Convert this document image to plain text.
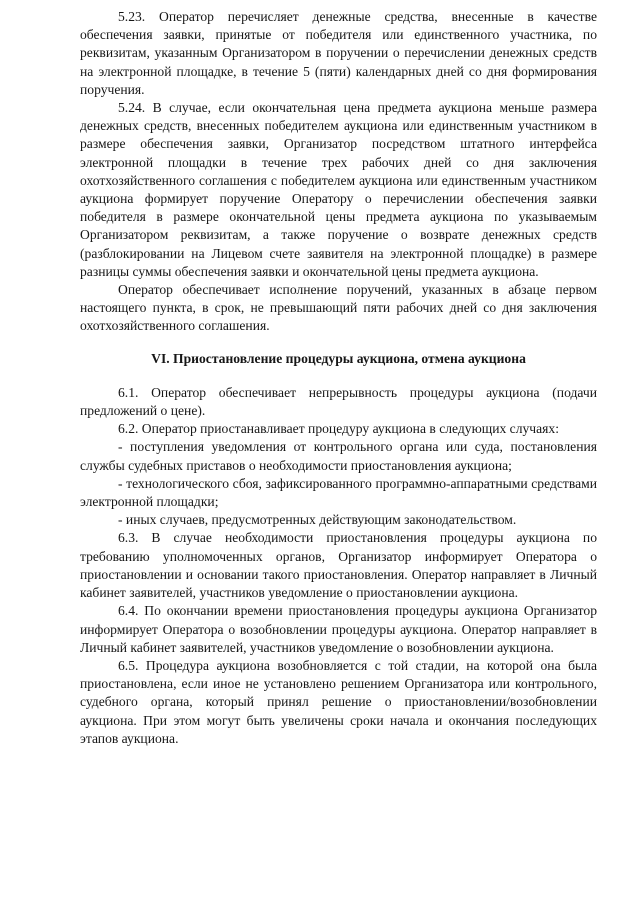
5.23. Оператор перечисляет денежные средства, внесенные в качестве обеспечения заявки, принятые от победителя или единственного участника, по реквизитам, указанным Организатором в поручении о перечислении денежных средств на электронной площадке, в течение 5 (пяти) календарных дней со дня формирования поручения.

5.24. В случае, если окончательная цена предмета аукциона меньше размера денежных средств, внесенных победителем аукциона или единственным участником в размере обеспечения заявки, Организатор посредством штатного интерфейса электронной площадки в течение трех рабочих дней со дня заключения охотхозяйственного соглашения с победителем аукциона или единственным участником аукциона формирует поручение Оператору о перечислении обеспечения заявки победителя в размере окончательной цены предмета аукциона по указываемым Организатором реквизитам, а также поручение о возврате денежных средств (разблокировании на Лицевом счете заявителя на электронной площадке) в размере разницы суммы обеспечения заявки и окончательной цены предмета аукциона.

Оператор обеспечивает исполнение поручений, указанных в абзаце первом настоящего пункта, в срок, не превышающий пяти рабочих дней со дня заключения охотхозяйственного соглашения.

VI. Приостановление процедуры аукциона, отмена аукциона

6.1. Оператор обеспечивает непрерывность процедуры аукциона (подачи предложений о цене).

6.2. Оператор приостанавливает процедуру аукциона в следующих случаях:

- поступления уведомления от контрольного органа или суда, постановления службы судебных приставов о необходимости приостановления аукциона;

- технологического сбоя, зафиксированного программно-аппаратными средствами электронной площадки;

- иных случаев, предусмотренных действующим законодательством.

6.3. В случае необходимости приостановления процедуры аукциона по требованию уполномоченных органов, Организатор информирует Оператора о приостановлении и основании такого приостановления. Оператор направляет в Личный кабинет заявителей, участников уведомление о приостановлении аукциона.

6.4. По окончании времени приостановления процедуры аукциона Организатор информирует Оператора о возобновлении процедуры аукциона. Оператор направляет в Личный кабинет заявителей, участников уведомление о возобновлении аукциона.

6.5. Процедура аукциона возобновляется с той стадии, на которой она была приостановлена, если иное не установлено решением Организатора или контрольного, судебного органа, который принял решение о приостановлении/возобновлении аукциона. При этом могут быть увеличены сроки начала и окончания последующих этапов аукциона.
